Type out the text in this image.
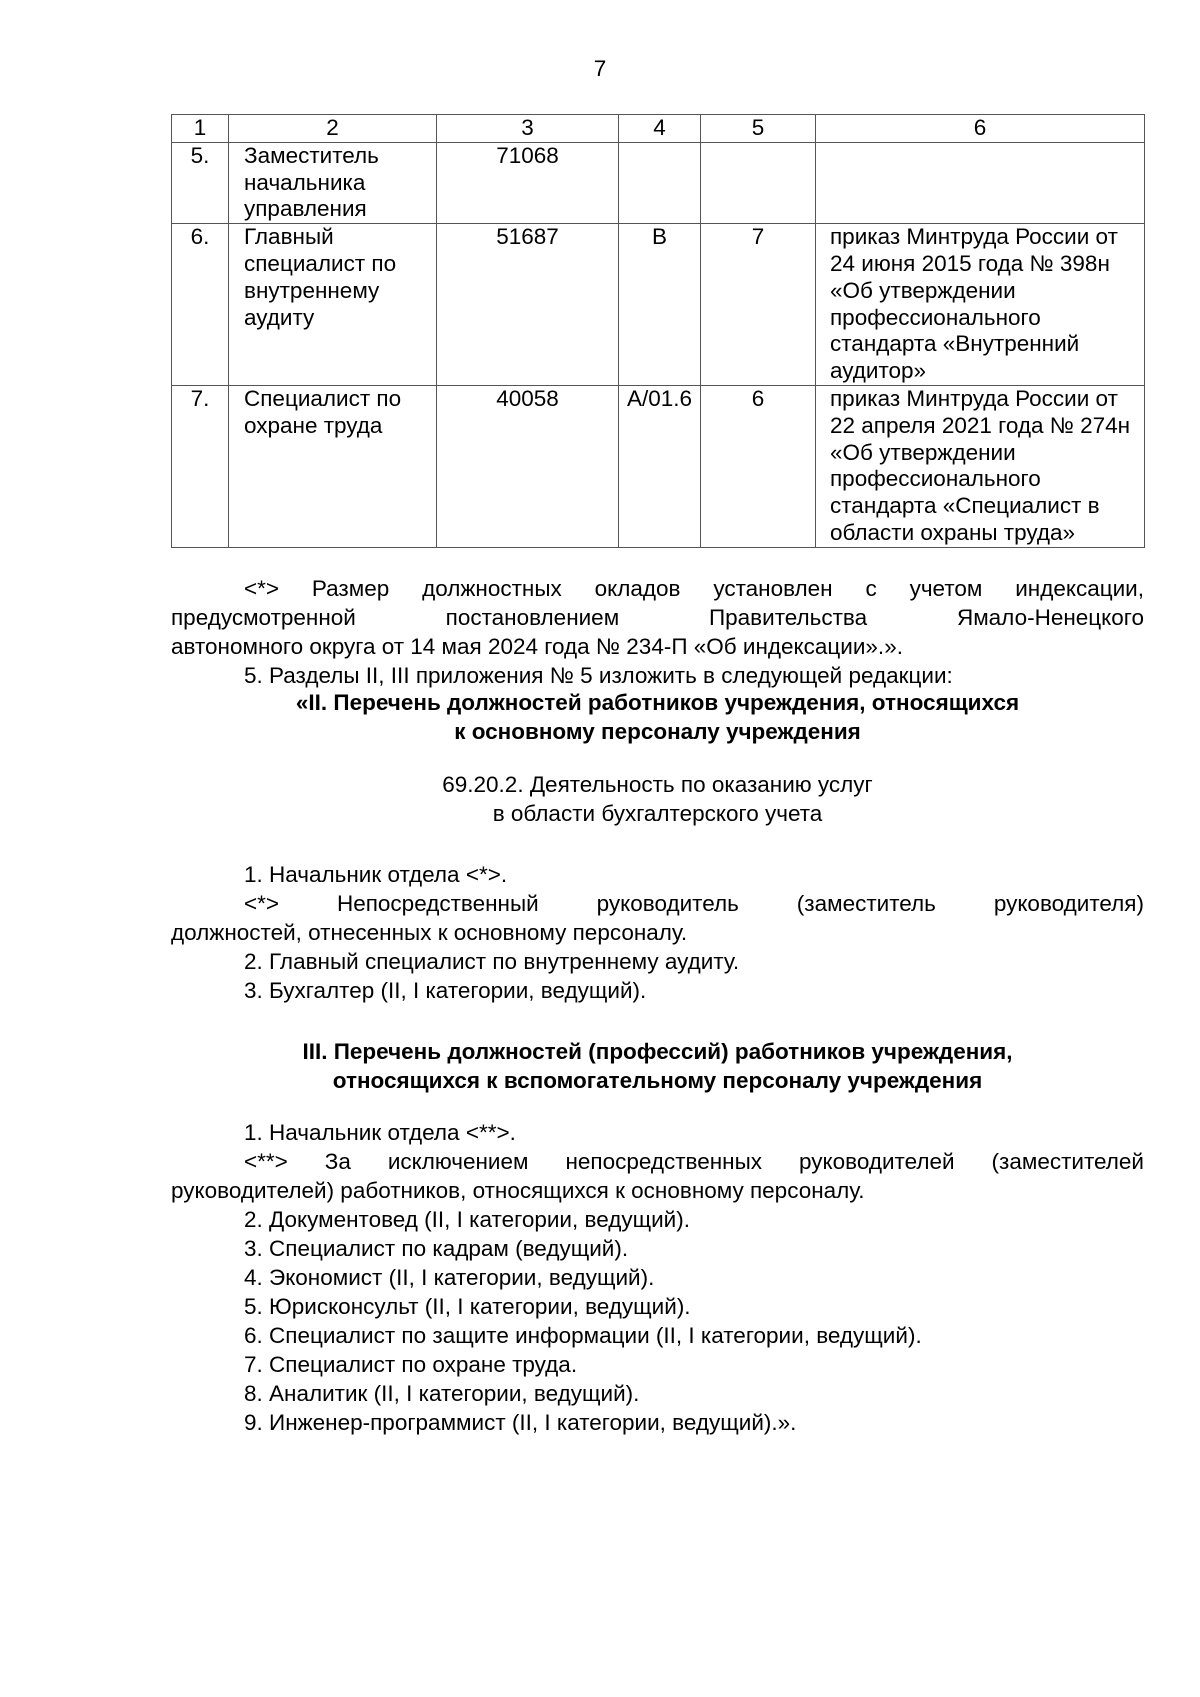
7
1	2	3	4	5	6
5.	Заместитель начальника управления	71068			
6.	Главный специалист по внутреннему аудиту	51687	В	7	приказ Минтруда России от 24 июня 2015 года № 398н «Об утверждении профессионального стандарта «Внутренний аудитор»
7.	Специалист по охране труда	40058	А/01.6	6	приказ Минтруда России от 22 апреля 2021 года № 274н «Об утверждении профессионального стандарта «Специалист в области охраны труда»

<*> Размер должностных окладов установлен с учетом индексации,

предусмотренной постановлением Правительства Ямало-Ненецкого

автономного округа от 14 мая 2024 года № 234-П «Об индексации».».

5. Разделы II, III приложения № 5 изложить в следующей редакции:

«II. Перечень должностей работников учреждения, относящихся

к основному персоналу учреждения

69.20.2. Деятельность по оказанию услуг

в области бухгалтерского учета

1. Начальник отдела <*>.

<*> Непосредственный руководитель (заместитель руководителя)

должностей, отнесенных к основному персоналу.

2. Главный специалист по внутреннему аудиту.

3. Бухгалтер (II, I категории, ведущий).

III. Перечень должностей (профессий) работников учреждения,

относящихся к вспомогательному персоналу учреждения

1. Начальник отдела <**>.

<**> За исключением непосредственных руководителей (заместителей

руководителей) работников, относящихся к основному персоналу.

2. Документовед (II, I категории, ведущий).

3. Специалист по кадрам (ведущий).

4. Экономист (II, I категории, ведущий).

5. Юрисконсульт (II, I категории, ведущий).

6. Специалист по защите информации (II, I категории, ведущий).

7. Специалист по охране труда.

8. Аналитик (II, I категории, ведущий).

9. Инженер-программист (II, I категории, ведущий).».
